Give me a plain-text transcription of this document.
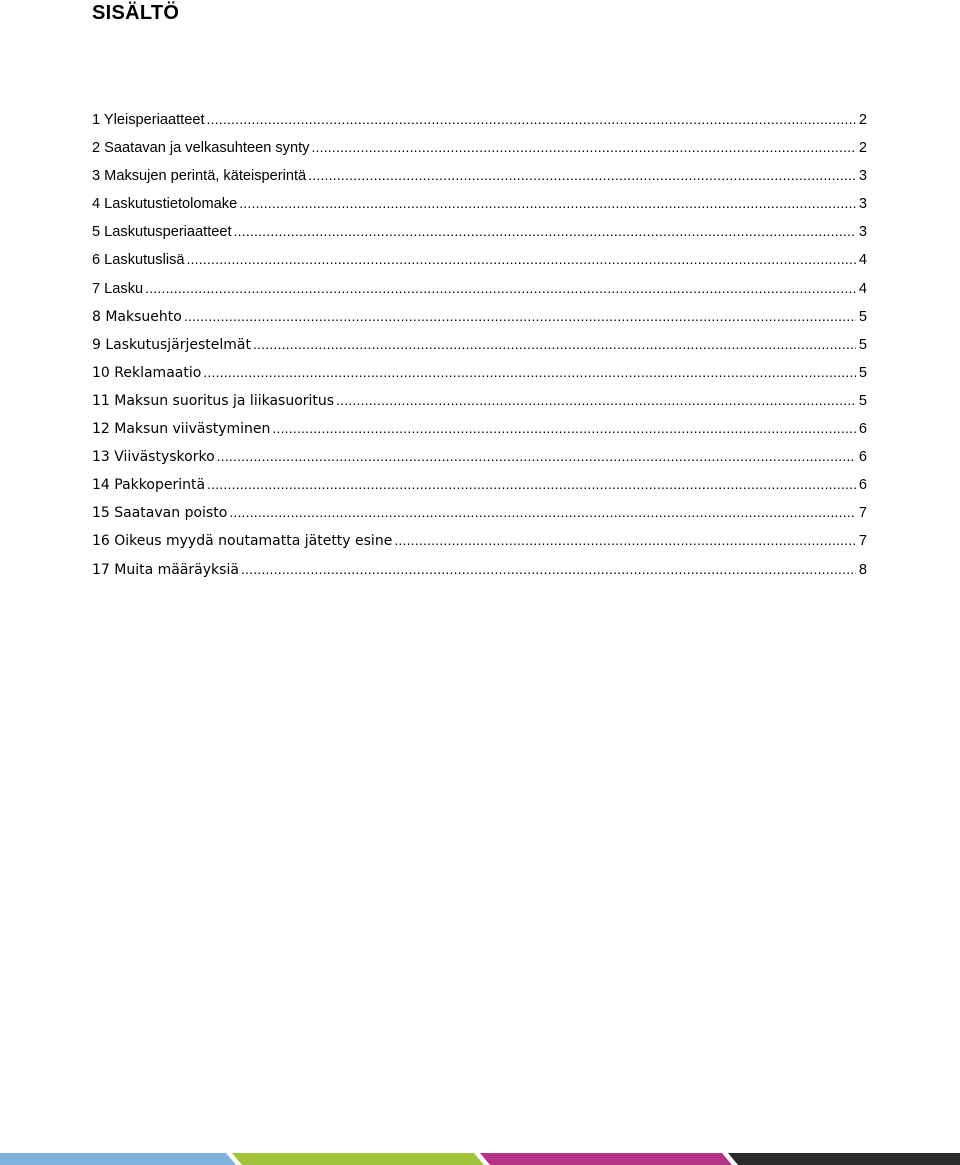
SISÄLTÖ
1 Yleisperiaatteet .....	2
2 Saatavan ja velkasuhteen synty .....	2
3 Maksujen perintä, käteisperintä .....	3
4 Laskutustietolomake .....	3
5 Laskutusperiaatteet .....	3
6 Laskutuslisä .....	4
7 Lasku .....	4
8 Maksuehto .....	5
9 Laskutusjärjestelmät .....	5
10 Reklamaatio .....	5
11 Maksun suoritus ja liikasuoritus .....	5
12 Maksun viivästyminen .....	6
13 Viivästyskorko .....	6
14 Pakkoperintä .....	6
15 Saatavan poisto .....	7
16 Oikeus myydä noutamatta jätetty esine .....	7
17 Muita määräyksiä .....	8
